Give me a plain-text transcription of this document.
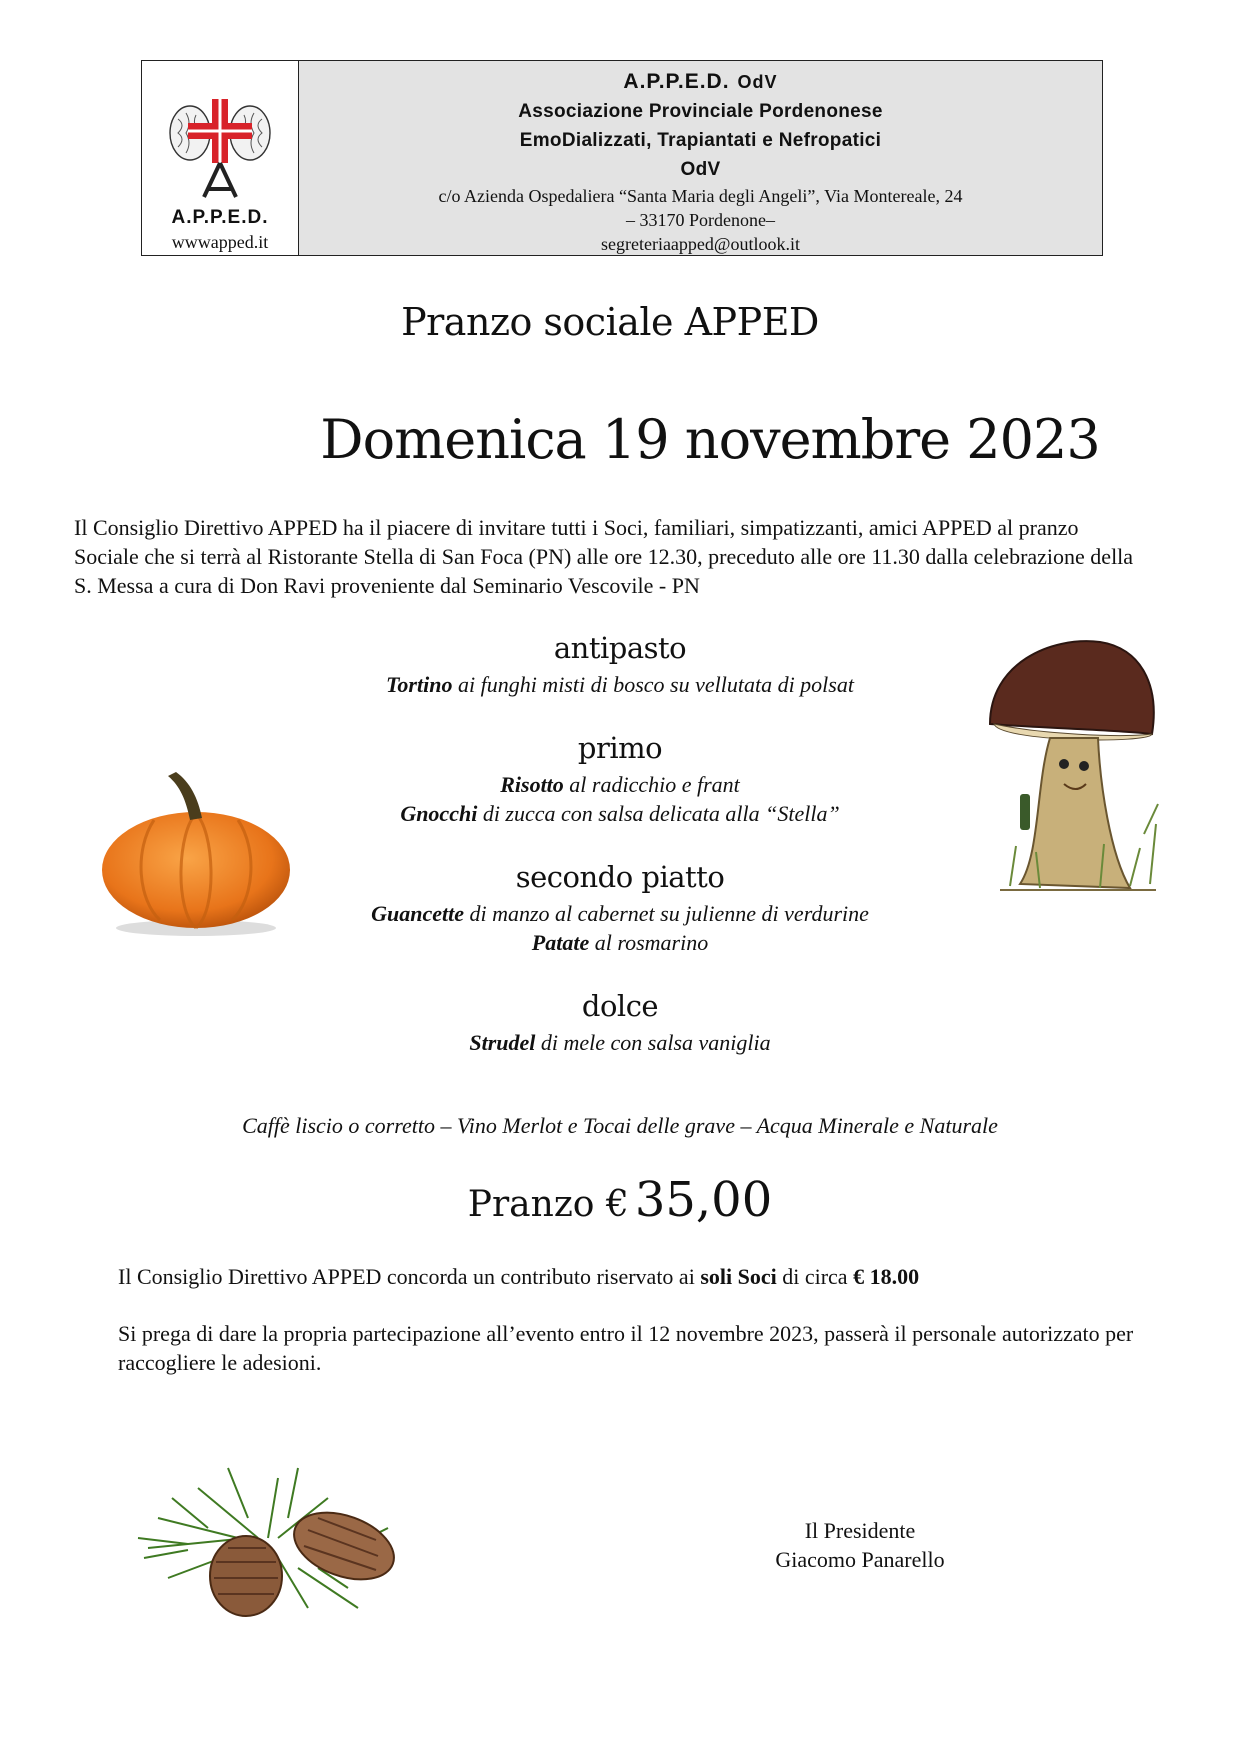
A.P.P.E.D.
wwwapped.it
A.P.P.E.D. OdV
Associazione Provinciale Pordenonese
EmoDializzati, Trapiantati e Nefropatici
OdV
c/o Azienda Ospedaliera “Santa Maria degli Angeli”, Via Montereale, 24
– 33170 Pordenone–
segreteriaapped@outlook.it
Pranzo sociale APPED
Domenica 19 novembre 2023
Il Consiglio Direttivo APPED ha il piacere di invitare tutti i Soci, familiari, simpatizzanti, amici APPED al pranzo Sociale che si terrà al Ristorante Stella di San Foca (PN) alle ore 12.30, preceduto alle ore 11.30 dalla celebrazione della S. Messa a cura di Don Ravi proveniente dal Seminario Vescovile - PN
antipasto
Tortino ai funghi misti di bosco su vellutata di polsat
primo
Risotto al radicchio e frant
Gnocchi di zucca con salsa delicata alla “Stella”
secondo piatto
Guancette di manzo al cabernet su julienne di verdurine
Patate al rosmarino
dolce
Strudel di mele con salsa vaniglia
Caffè liscio o corretto – Vino Merlot e Tocai delle grave – Acqua Minerale e Naturale
Pranzo € 35,00
Il Consiglio Direttivo APPED concorda un contributo riservato ai soli Soci di circa € 18.00
Si prega di dare la propria partecipazione all’evento entro il 12 novembre 2023, passerà il personale autorizzato per raccogliere le adesioni.
Il Presidente
Giacomo Panarello
